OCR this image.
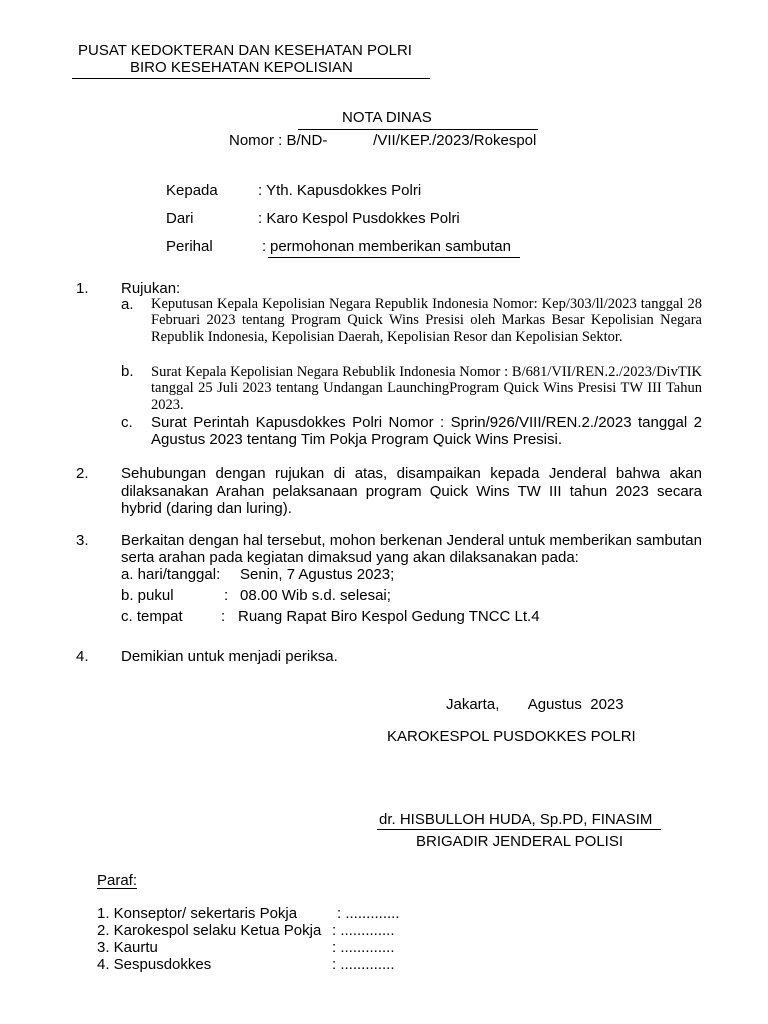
PUSAT KEDOKTERAN DAN KESEHATAN POLRI
BIRO KESEHATAN KEPOLISIAN
NOTA DINAS
Nomor : B/ND-           /VII/KEP./2023/Rokespol
Kepada	: Yth. Kapusdokkes Polri
Dari	: Karo Kespol Pusdokkes Polri
Perihal	: permohonan memberikan sambutan
1. Rujukan:
a. Keputusan Kepala Kepolisian Negara Republik Indonesia Nomor: Kep/303/ll/2023 tanggal 28 Februari 2023 tentang Program Quick Wins Presisi oleh Markas Besar Kepolisian Negara Republik Indonesia, Kepolisian Daerah, Kepolisian Resor dan Kepolisian Sektor.
b. Surat Kepala Kepolisian Negara Rebublik Indonesia Nomor : B/681/VII/REN.2./2023/DivTIK tanggal 25 Juli 2023 tentang Undangan LaunchingProgram Quick Wins Presisi TW III Tahun 2023.
c. Surat Perintah Kapusdokkes Polri Nomor : Sprin/926/VIII/REN.2./2023 tanggal 2 Agustus 2023 tentang Tim Pokja Program Quick Wins Presisi.
2. Sehubungan dengan rujukan di atas, disampaikan kepada Jenderal bahwa akan dilaksanakan Arahan pelaksanaan program Quick Wins TW III tahun 2023 secara hybrid (daring dan luring).
3. Berkaitan dengan hal tersebut, mohon berkenan Jenderal untuk memberikan sambutan serta arahan pada kegiatan dimaksud yang akan dilaksanakan pada:
a. hari/tanggal: Senin, 7 Agustus 2023;
b. pukul	: 08.00 Wib s.d. selesai;
c. tempat	: Ruang Rapat Biro Kespol Gedung TNCC Lt.4
4. Demikian untuk menjadi periksa.
Jakarta,       Agustus  2023
KAROKESPOL PUSDOKKES POLRI
dr. HISBULLOH HUDA, Sp.PD, FINASIM
BRIGADIR JENDERAL POLISI
Paraf:
1. Konseptor/ sekertaris Pokja	: .............
2. Karokespol selaku Ketua Pokja : .............
3. Kaurtu	: .............
4. Sespusdokkes	: .............
